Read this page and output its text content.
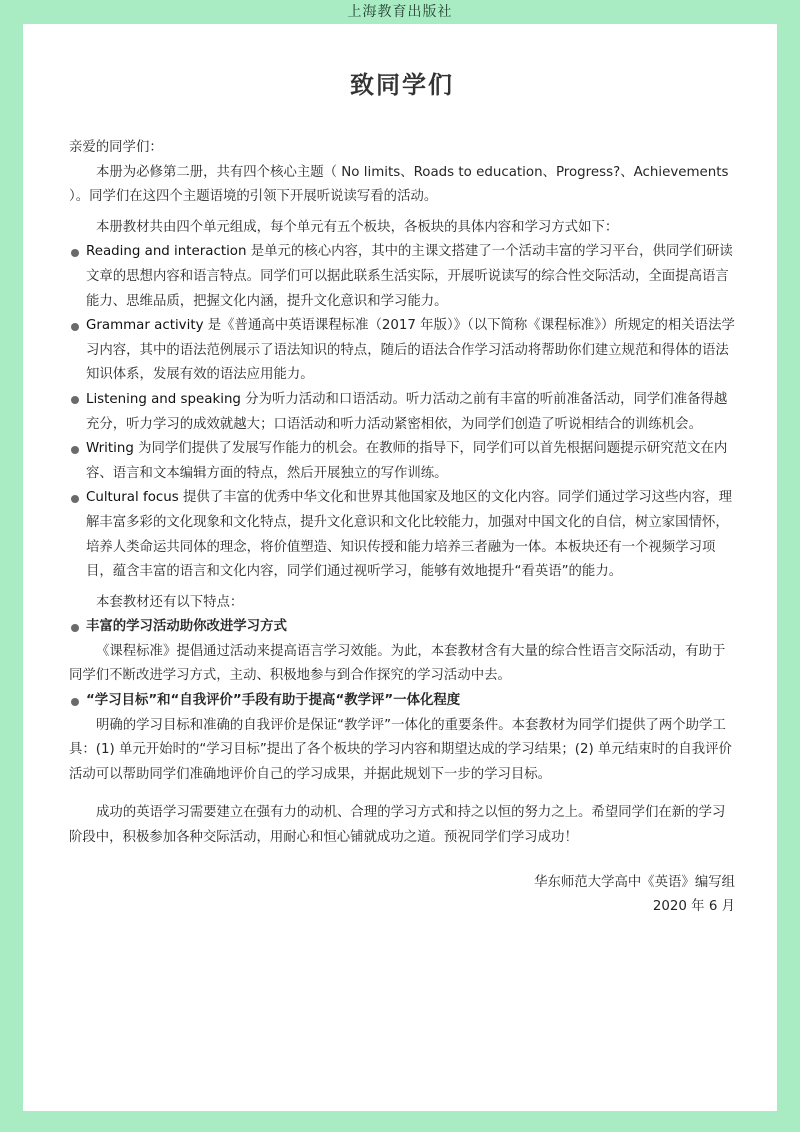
上海教育出版社
致同学们

亲爱的同学们：

本册为必修第二册，共有四个核心主题（ No limits、Roads to education、Progress?、Achievements ）。同学们在这四个主题语境的引领下开展听说读写看的活动。

本册教材共由四个单元组成，每个单元有五个板块，各板块的具体内容和学习方式如下：

Reading and interaction 是单元的核心内容，其中的主课文搭建了一个活动丰富的学习平台，供同学们研读文章的思想内容和语言特点。同学们可以据此联系生活实际，开展听说读写的综合性交际活动，全面提高语言能力、思维品质，把握文化内涵，提升文化意识和学习能力。
Grammar activity 是《普通高中英语课程标准（2017 年版）》（以下简称《课程标准》）所规定的相关语法学习内容，其中的语法范例展示了语法知识的特点，随后的语法合作学习活动将帮助你们建立规范和得体的语法知识体系，发展有效的语法应用能力。
Listening and speaking 分为听力活动和口语活动。听力活动之前有丰富的听前准备活动，同学们准备得越充分，听力学习的成效就越大；口语活动和听力活动紧密相依，为同学们创造了听说相结合的训练机会。
Writing 为同学们提供了发展写作能力的机会。在教师的指导下，同学们可以首先根据问题提示研究范文在内容、语言和文本编辑方面的特点，然后开展独立的写作训练。
Cultural focus 提供了丰富的优秀中华文化和世界其他国家及地区的文化内容。同学们通过学习这些内容，理解丰富多彩的文化现象和文化特点，提升文化意识和文化比较能力，加强对中国文化的自信，树立家国情怀，培养人类命运共同体的理念，将价值塑造、知识传授和能力培养三者融为一体。本板块还有一个视频学习项目，蕴含丰富的语言和文化内容，同学们通过视听学习，能够有效地提升“看英语”的能力。

本套教材还有以下特点：

丰富的学习活动助你改进学习方式

《课程标准》提倡通过活动来提高语言学习效能。为此，本套教材含有大量的综合性语言交际活动，有助于同学们不断改进学习方式，主动、积极地参与到合作探究的学习活动中去。

“学习目标”和“自我评价”手段有助于提高“教学评”一体化程度

明确的学习目标和准确的自我评价是保证“教学评”一体化的重要条件。本套教材为同学们提供了两个助学工具：(1) 单元开始时的“学习目标”提出了各个板块的学习内容和期望达成的学习结果；(2) 单元结束时的自我评价活动可以帮助同学们准确地评价自己的学习成果，并据此规划下一步的学习目标。

成功的英语学习需要建立在强有力的动机、合理的学习方式和持之以恒的努力之上。希望同学们在新的学习阶段中，积极参加各种交际活动，用耐心和恒心铺就成功之道。预祝同学们学习成功！

华东师范大学高中《英语》编写组

2020 年 6 月
